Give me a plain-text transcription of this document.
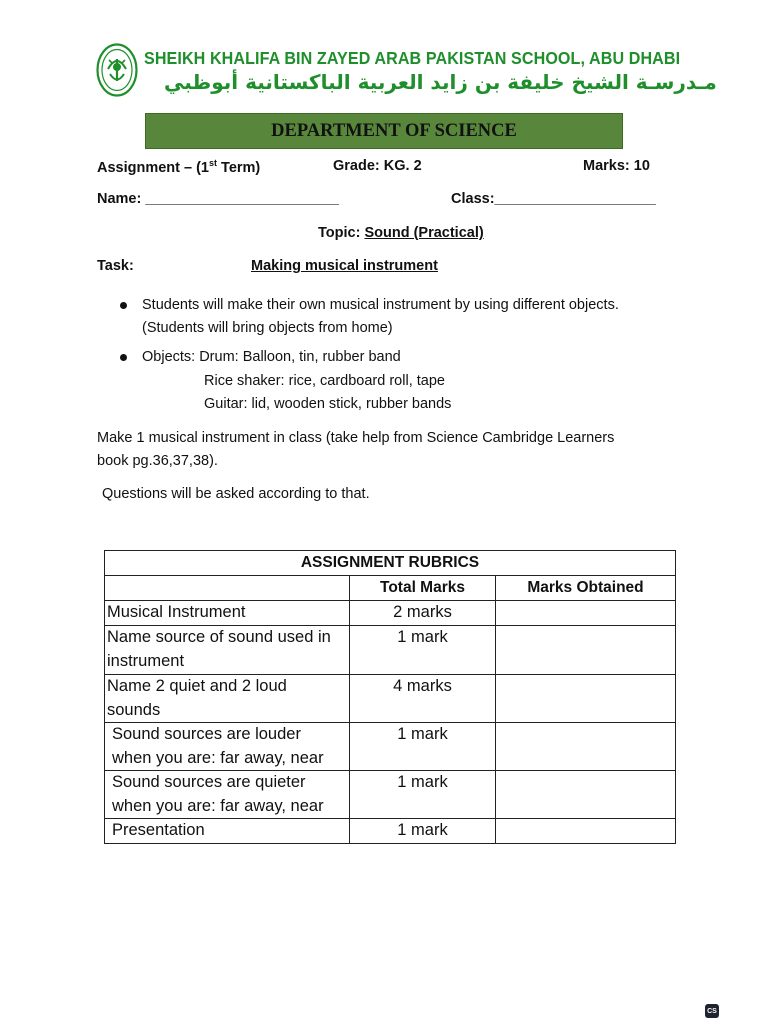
SHEIKH KHALIFA BIN ZAYED ARAB PAKISTAN SCHOOL, ABU DHABI
مـدرسـة الشيخ خليفة بن زايد العربية الباكستانية أبوظبي
DEPARTMENT OF SCIENCE
Assignment – (1st Term)	Grade: KG. 2	Marks: 10
Name: ________________________	Class:____________________
Topic: Sound (Practical)
Task:	Making musical instrument
Students will make their own musical instrument by using different objects.
(Students will bring objects from home)
Objects: Drum: Balloon, tin, rubber band
Rice shaker: rice, cardboard roll, tape
Guitar: lid, wooden stick, rubber bands
Make 1 musical instrument in class (take help from Science Cambridge Learners
book pg.36,37,38).
Questions will be asked according to that.
ASSIGNMENT RUBRICS		
	Total Marks	Marks Obtained

Musical Instrument	2 marks	

Name source of sound used in
instrument	1 mark	

Name 2 quiet and 2 loud
sounds	4 marks	

Sound sources are louder
when you are: far away, near	1 mark	

Sound sources are quieter
when you are: far away, near	1 mark	

Presentation	1 mark	
CS
